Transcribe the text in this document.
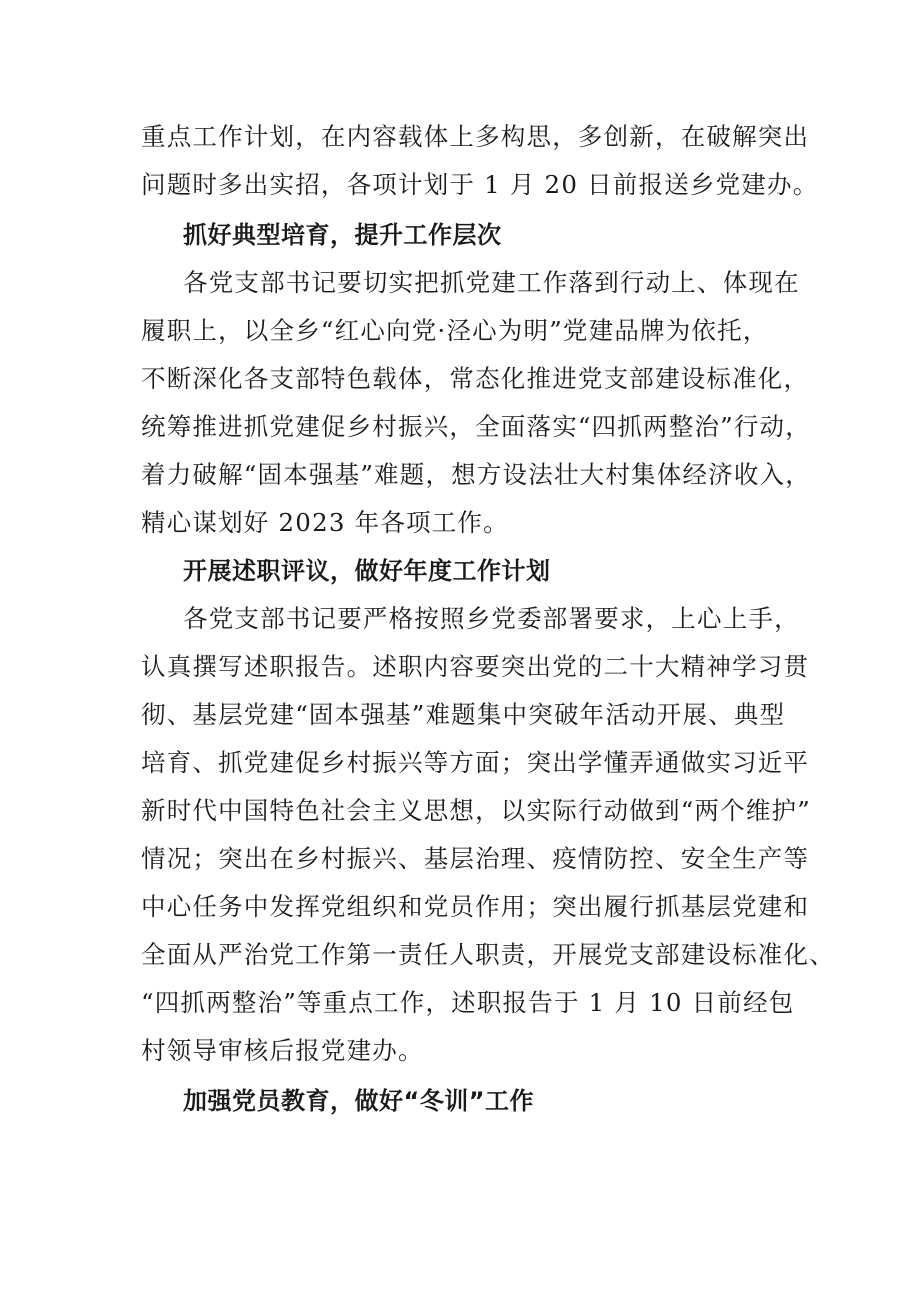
重点工作计划，在内容载体上多构思，多创新，在破解突出
问题时多出实招，各项计划于 1 月 20 日前报送乡党建办。
抓好典型培育，提升工作层次
各党支部书记要切实把抓党建工作落到行动上、体现在
履职上，以全乡“红心向党·泾心为明”党建品牌为依托，
不断深化各支部特色载体，常态化推进党支部建设标准化，
统筹推进抓党建促乡村振兴，全面落实“四抓两整治”行动，
着力破解“固本强基”难题，想方设法壮大村集体经济收入，
精心谋划好 2023 年各项工作。
开展述职评议，做好年度工作计划
各党支部书记要严格按照乡党委部署要求，上心上手，
认真撰写述职报告。述职内容要突出党的二十大精神学习贯
彻、基层党建“固本强基”难题集中突破年活动开展、典型
培育、抓党建促乡村振兴等方面；突出学懂弄通做实习近平
新时代中国特色社会主义思想，以实际行动做到“两个维护”
情况；突出在乡村振兴、基层治理、疫情防控、安全生产等
中心任务中发挥党组织和党员作用；突出履行抓基层党建和
全面从严治党工作第一责任人职责，开展党支部建设标准化、
“四抓两整治”等重点工作，述职报告于 1 月 10 日前经包
村领导审核后报党建办。
加强党员教育，做好“冬训”工作
